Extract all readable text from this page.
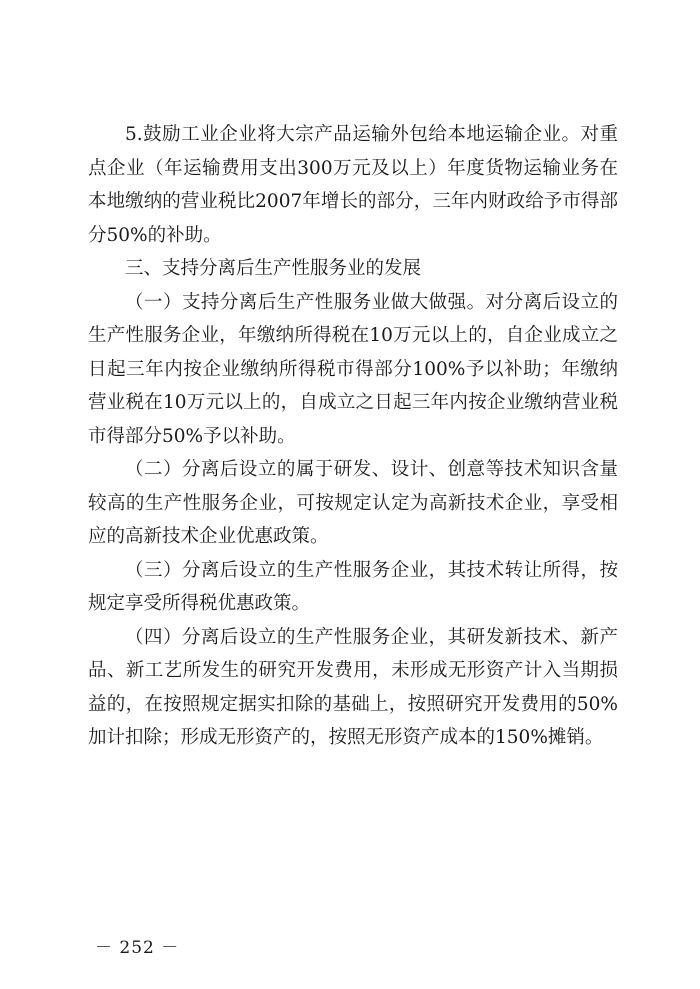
5.鼓励工业企业将大宗产品运输外包给本地运输企业。对重点企业（年运输费用支出300万元及以上）年度货物运输业务在本地缴纳的营业税比2007年增长的部分，三年内财政给予市得部分50%的补助。

三、支持分离后生产性服务业的发展

（一）支持分离后生产性服务业做大做强。对分离后设立的生产性服务企业，年缴纳所得税在10万元以上的，自企业成立之日起三年内按企业缴纳所得税市得部分100%予以补助；年缴纳营业税在10万元以上的，自成立之日起三年内按企业缴纳营业税市得部分50%予以补助。

（二）分离后设立的属于研发、设计、创意等技术知识含量较高的生产性服务企业，可按规定认定为高新技术企业，享受相应的高新技术企业优惠政策。

（三）分离后设立的生产性服务企业，其技术转让所得，按规定享受所得税优惠政策。

（四）分离后设立的生产性服务企业，其研发新技术、新产品、新工艺所发生的研究开发费用，未形成无形资产计入当期损益的，在按照规定据实扣除的基础上，按照研究开发费用的50%加计扣除；形成无形资产的，按照无形资产成本的150%摊销。

－ 252 －
